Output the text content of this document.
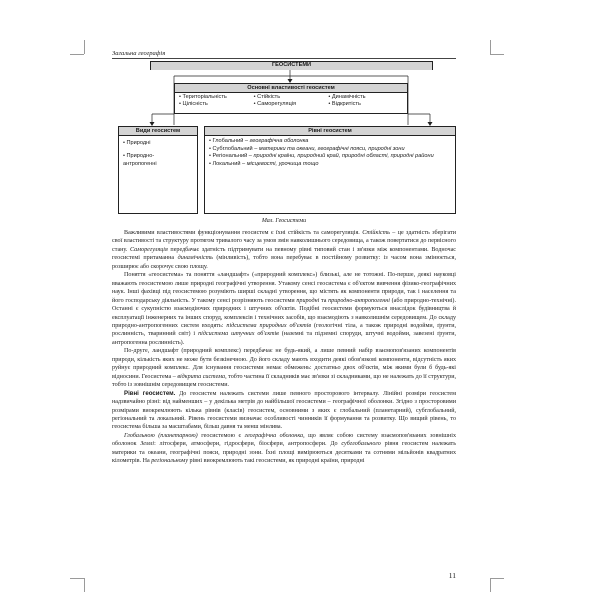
Загальна географія
ГЕОСИСТЕМИ
Основні властивості геосистем
• Територіальність
• Цілісність
• Стійкість
• Саморегуляція
• Динамічність
• Відкритість
Види геосистем
• Природні
• Природно-антропогенні
Рівні геосистем
• Глобальний – географічна оболонка
• Субглобальний – материки та океани, географічні пояси, природні зони
• Регіональний – природні країни, природний край, природні області, природні райони
• Локальний – місцевості, урочища тощо
Мал. Геосистеми

Важливими властивостями функціонування геосистем є їхні стійкість та саморегуляція. Стійкість – це здатність зберігати свої властивості та структуру протягом тривалого часу за умов змін навколишнього середовища, а також повертатися до первісного стану. Саморегуляція передбачає здатність підтримувати на певному рівні типовий стан і зв'язки між компонентами. Водночас геосистемі притаманна динамічність (мінливість), тобто вона перебуває в постійному розвитку: із часом вона змінюється, розширює або скорочує свою площу.

Поняття «геосистема» та поняття «ландшафт» («природний комплекс») близькі, але не тотожні. По-перше, деякі науковці вважають геосистемою лише природні географічні утворення. Утакому сенсі геосистема є об'єктом вивчення фізико-географічних наук. Інші фахівці під геосистемою розуміють ширші складні утворення, що містять як компоненти природи, так і населення та його господарську діяльність. У такому сенсі розрізняють геосистеми природні та природно-антропогенні (або природно-технічні). Останні є сукупністю взаємодіючих природних і штучних об'єктів. Подібні геосистеми формуються внаслідок будівництва й експлуатації інженерних та інших споруд, комплексів і технічних засобів, що взаємодіють з навколишнім середовищем. До складу природно-антропогенних систем входять: підсистема природних об'єктів (геологічні тіла, а також природні водойми, ґрунти, рослинність, тваринний світ) і підсистема штучних об'єктів (наземні та підземні споруди, штучні водойми, завезені ґрунти, антропогенна рослинність).

По-друге, ландшафт (природний комплекс) передбачає не будь-який, а лише певний набір взаємопов'язаних компонентів природи, кількість яких не може бути безкінечною. До його складу мають входити деякі обов'язкові компоненти, відсутність яких руйнує природний комплекс. Для існування геосистеми немає обмежень: достатньо двох об'єктів, між якими були б будь-які відносини. Геосистема – відкрита система, тобто частина її складників має зв'язки зі складниками, що не належать до її структури, тобто із зовнішнім середовищем геосистеми.

Рівні геосистем. До геосистем належать системи лише певного просторового інтервалу. Лінійні розміри геосистем надзвичайно різні: від найменших – у декілька метрів до найбільшої геосистеми – географічної оболонки. Згідно з просторовими розмірами виокремлюють кілька рівнів (класів) геосистем, основними з яких є глобальний (планетарний), субглобальний, регіональний та локальний. Рівень геосистеми визначає особливості чинників її формування та розвитку. Що вищий рівень, то геосистема більша за масштабами, більш давня та менш мінлива.

Глобальною (планетарною) геосистемою є географічна оболонка, що являє собою систему взаємопов'язаних зовнішніх оболонок Землі: літосфери, атмосфери, гідросфери, біосфери, антропосфери. До субглобального рівня геосистем належать материки та океани, географічні пояси, природні зони. Їхні площі вимірюються десятками та сотнями мільйонів квадратних кілометрів. На регіональному рівні виокремлюють такі геосистеми, як природні країни, природні

11
